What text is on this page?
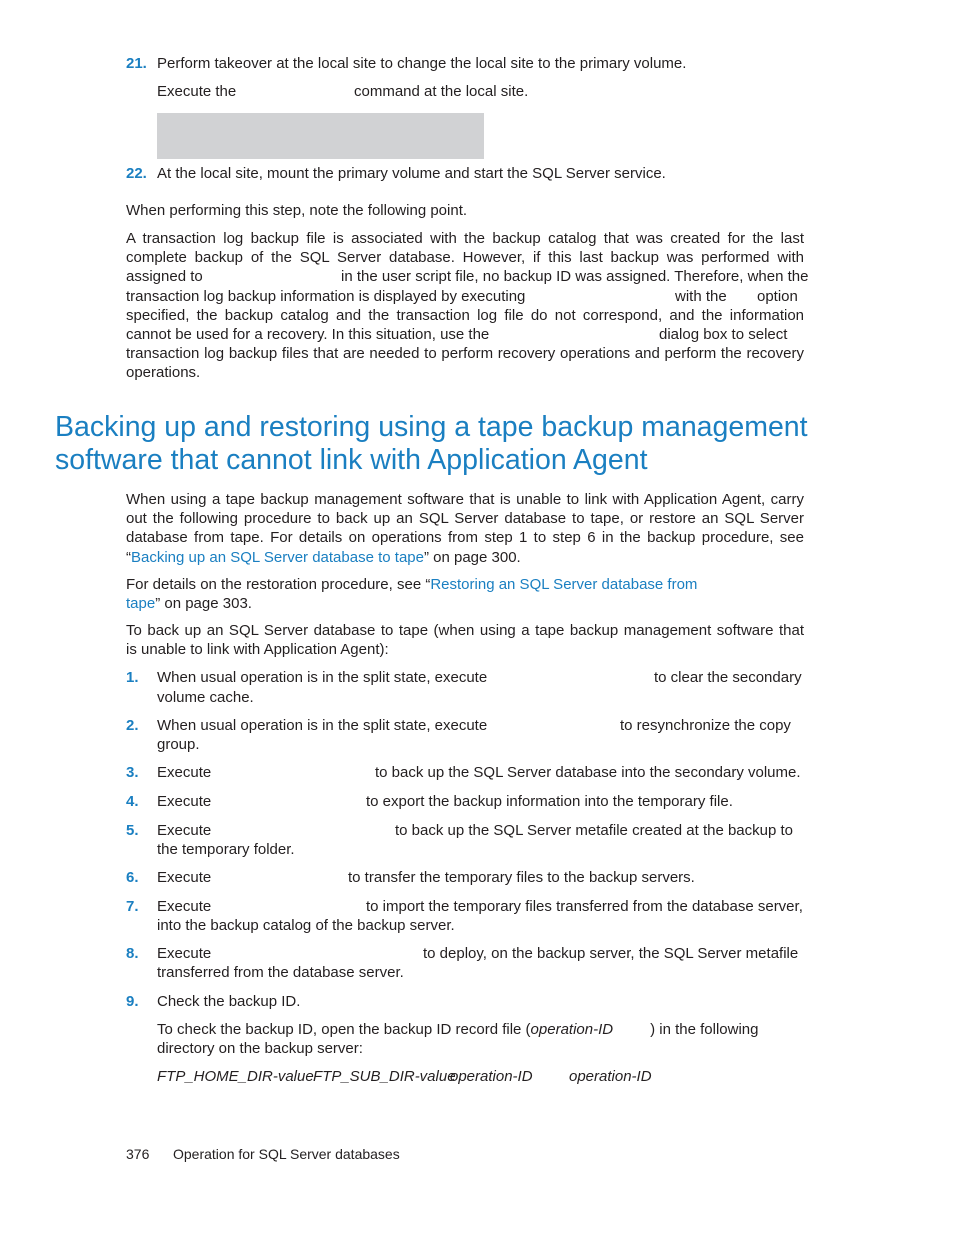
21. Perform takeover at the local site to change the local site to the primary volume.
Execute the	command at the local site.
22. At the local site, mount the primary volume and start the SQL Server service.
When performing this step, note the following point.
A transaction log backup file is associated with the backup catalog that was created for the last
complete backup of the SQL Server database. However, if this last backup was performed with
assigned to	in the user script file, no backup ID was assigned. Therefore, when the
transaction log backup information is displayed by executing	with the option
specified, the backup catalog and the transaction log file do not correspond, and the information
cannot be used for a recovery. In this situation, use the	dialog box to select
transaction log backup files that are needed to perform recovery operations and perform the recovery
operations.
Backing up and restoring using a tape backup management
software that cannot link with Application Agent
When using a tape backup management software that is unable to link with Application Agent, carry
out the following procedure to back up an SQL Server database to tape, or restore an SQL Server
database from tape. For details on operations from step 1 to step 6 in the backup procedure, see
“Backing up an SQL Server database to tape” on page 300.
For details on the restoration procedure, see “Restoring an SQL Server database from
tape” on page 303.
To back up an SQL Server database to tape (when using a tape backup management software that
is unable to link with Application Agent):
1. When usual operation is in the split state, execute	to clear the secondary
volume cache.
2. When usual operation is in the split state, execute	to resynchronize the copy
group.
3. Execute	to back up the SQL Server database into the secondary volume.
4. Execute	to export the backup information into the temporary file.
5. Execute	to back up the SQL Server metafile created at the backup to
the temporary folder.
6. Execute	to transfer the temporary files to the backup servers.
7. Execute	to import the temporary files transferred from the database server,
into the backup catalog of the backup server.
8. Execute	to deploy, on the backup server, the SQL Server metafile
transferred from the database server.
9. Check the backup ID.
To check the backup ID, open the backup ID record file (operation-ID ) in the following
directory on the backup server:
FTP_HOME_DIR-value FTP_SUB_DIR-value
operation-ID operation-ID
376 Operation for SQL Server databases
